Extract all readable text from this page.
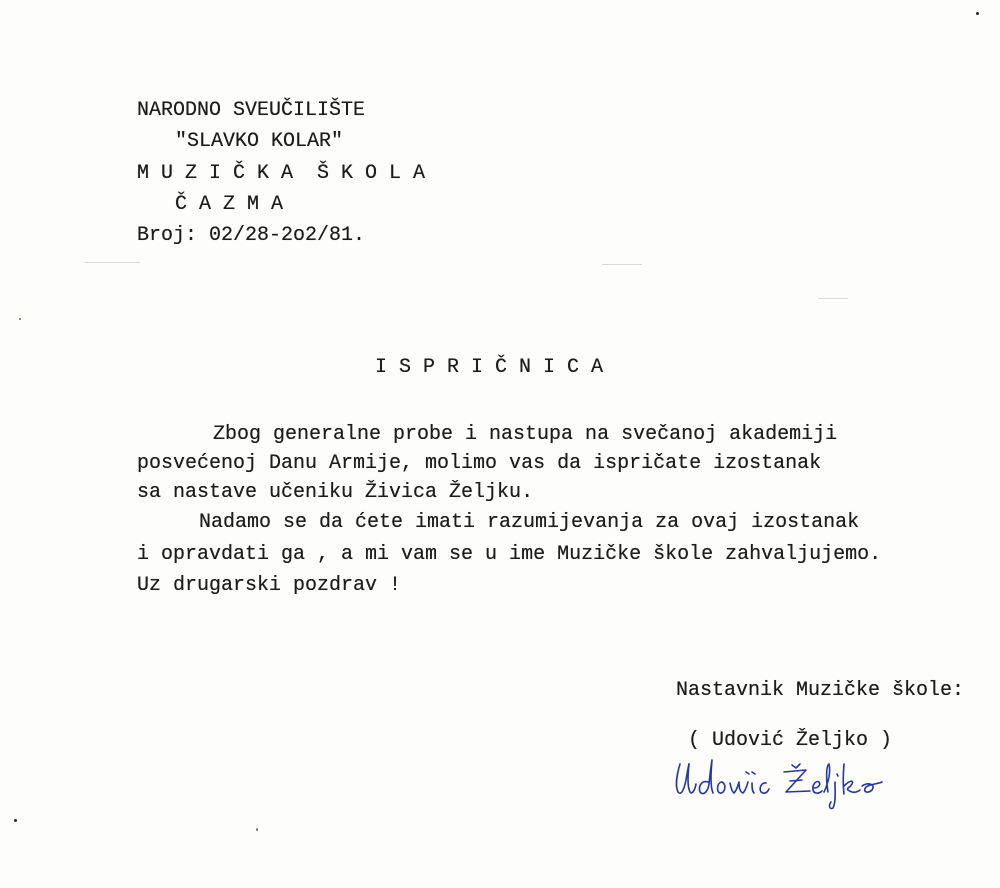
NARODNO SVEUČILIŠTE
"SLAVKO KOLAR"
M U Z I Č K A  Š K O L A
Č A Z M A
Broj: 02/28-2o2/81.
I S P R I Č N I C A
Zbog generalne probe i nastupa na svečanoj akademiji
posvećenoj Danu Armije, molimo vas da ispričate izostanak
sa nastave učeniku Živica Željku.
Nadamo se da ćete imati razumijevanja za ovaj izostanak
i opravdati ga , a mi vam se u ime Muzičke škole zahvaljujemo.
Uz drugarski pozdrav !
Nastavnik Muzičke škole:
( Udović Željko )
